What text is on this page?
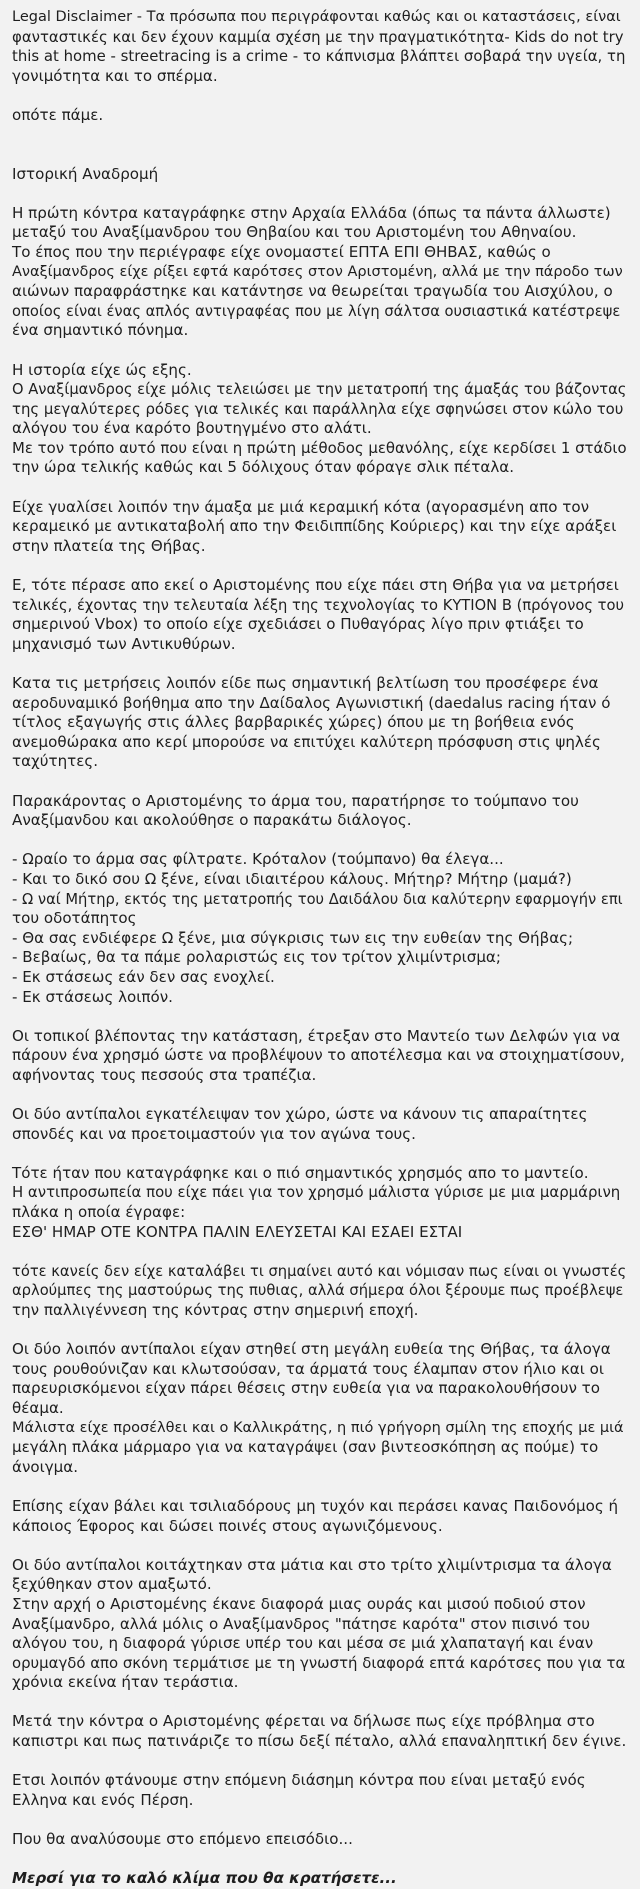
Legal Disclaimer - Τα πρόσωπα που περιγράφονται καθώς και οι καταστάσεις, είναι

φανταστικές και δεν έχουν καμμία σχέση με την πραγματικότητα- Kids do not try

this at home - streetracing is a crime - το κάπνισμα βλάπτει σοβαρά την υγεία, τη

γονιμότητα και το σπέρμα.

οπότε πάμε.

Ιστορική Αναδρομή

Η πρώτη κόντρα καταγράφηκε στην Αρχαία Ελλάδα (όπως τα πάντα άλλωστε)

μεταξύ του Αναξίμανδρου του Θηβαίου και του Αριστομένη του Αθηναίου.

Το έπος που την περιέγραφε είχε ονομαστεί ΕΠΤΑ ΕΠΙ ΘΗΒΑΣ, καθώς ο

Αναξίμανδρος είχε ρίξει εφτά καρότσες στον Αριστομένη, αλλά με την πάροδο των

αιώνων παραφράστηκε και κατάντησε να θεωρείται τραγωδία του Αισχύλου, ο

οποίος είναι ένας απλός αντιγραφέας που με λίγη σάλτσα ουσιαστικά κατέστρεψε

ένα σημαντικό πόνημα.

Η ιστορία είχε ώς εξης.

Ο Αναξίμανδρος είχε μόλις τελειώσει με την μετατροπή της άμαξάς του βάζοντας

της μεγαλύτερες ρόδες για τελικές και παράλληλα είχε σφηνώσει στον κώλο του

αλόγου του ένα καρότο βουτηγμένο στο αλάτι.

Με τον τρόπο αυτό που είναι η πρώτη μέθοδος μεθανόλης, είχε κερδίσει 1 στάδιο

την ώρα τελικής καθώς και 5 δόλιχους όταν φόραγε σλικ πέταλα.

Είχε γυαλίσει λοιπόν την άμαξα με μιά κεραμική κότα (αγορασμένη απο τον

κεραμεικό με αντικαταβολή απο την Φειδιππίδης Κούριερς) και την είχε αράξει

στην πλατεία της Θήβας.

Ε, τότε πέρασε απο εκεί ο Αριστομένης που είχε πάει στη Θήβα για να μετρήσει

τελικές, έχοντας την τελευταία λέξη της τεχνολογίας το ΚΥΤΙΟΝ Β (πρόγονος του

σημερινού Vbox) το οποίο είχε σχεδιάσει ο Πυθαγόρας λίγο πριν φτιάξει το

μηχανισμό των Αντικυθύρων.

Κατα τις μετρήσεις λοιπόν είδε πως σημαντική βελτίωση του προσέφερε ένα

αεροδυναμικό βοήθημα απο την Δαίδαλος Αγωνιστική (daedalus racing ήταν ό

τίτλος εξαγωγής στις άλλες βαρβαρικές χώρες) όπου με τη βοήθεια ενός

ανεμοθώρακα απο κερί μπορούσε να επιτύχει καλύτερη πρόσφυση στις ψηλές

ταχύτητες.

Παρακάροντας ο Αριστομένης το άρμα του, παρατήρησε το τούμπανο του

Αναξίμανδου και ακολούθησε ο παρακάτω διάλογος.

- Ωραίο το άρμα σας φίλτρατε. Κρόταλον (τούμπανο) θα έλεγα...

- Και το δικό σου Ω ξένε, είναι ιδιαιτέρου κάλους. Μήτηρ? Μήτηρ (μαμά?)

- Ω ναί Μήτηρ, εκτός της μετατροπής του Δαιδάλου δια καλύτερην εφαρμογήν επι

του οδοτάπητος

- Θα σας ενδιέφερε Ω ξένε, μια σύγκρισις των εις την ευθείαν της Θήβας;

- Βεβαίως, θα τα πάμε ρολαριστώς εις τον τρίτον χλιμίντρισμα;

- Εκ στάσεως εάν δεν σας ενοχλεί.

- Εκ στάσεως λοιπόν.

Οι τοπικοί βλέποντας την κατάσταση, έτρεξαν στο Μαντείο των Δελφών για να

πάρουν ένα χρησμό ώστε να προβλέψουν το αποτέλεσμα και να στοιχηματίσουν,

αφήνοντας τους πεσσούς στα τραπέζια.

Οι δύο αντίπαλοι εγκατέλειψαν τον χώρο, ώστε να κάνουν τις απαραίτητες

σπονδές και να προετοιμαστούν για τον αγώνα τους.

Τότε ήταν που καταγράφηκε και ο πιό σημαντικός χρησμός απο το μαντείο.

Η αντιπροσωπεία που είχε πάει για τον χρησμό μάλιστα γύρισε με μια μαρμάρινη

πλάκα η οποία έγραφε:

ΕΣΘ' ΗΜΑΡ ΟΤΕ ΚΟΝΤΡΑ ΠΑΛΙΝ ΕΛΕΥΣΕΤΑΙ ΚΑΙ ΕΣΑΕΙ ΕΣΤΑΙ

τότε κανείς δεν είχε καταλάβει τι σημαίνει αυτό και νόμισαν πως είναι οι γνωστές

αρλούμπες της μαστούρως της πυθιας, αλλά σήμερα όλοι ξέρουμε πως προέβλεψε

την παλλιγέννεση της κόντρας στην σημερινή εποχή.

Οι δύο λοιπόν αντίπαλοι είχαν στηθεί στη μεγάλη ευθεία της Θήβας, τα άλογα

τους ρουθούνιζαν και κλωτσούσαν, τα άρματά τους έλαμπαν στον ήλιο και οι

παρευρισκόμενοι είχαν πάρει θέσεις στην ευθεία για να παρακολουθήσουν το

θέαμα.

Μάλιστα είχε προσέλθει και ο Καλλικράτης, η πιό γρήγορη σμίλη της εποχής με μιά

μεγάλη πλάκα μάρμαρο για να καταγράψει (σαν βιντεοσκόπηση ας πούμε) το

άνοιγμα.

Επίσης είχαν βάλει και τσιλιαδόρους μη τυχόν και περάσει κανας Παιδονόμος ή

κάποιος Έφορος και δώσει ποινές στους αγωνιζόμενους.

Οι δύο αντίπαλοι κοιτάχτηκαν στα μάτια και στο τρίτο χλιμίντρισμα τα άλογα

ξεχύθηκαν στον αμαξωτό.

Στην αρχή ο Αριστομένης έκανε διαφορά μιας ουράς και μισού ποδιού στον

Αναξίμανδρο, αλλά μόλις ο Αναξίμανδρος "πάτησε καρότα" στον πισινό του

αλόγου του, η διαφορά γύρισε υπέρ του και μέσα σε μιά χλαπαταγή και έναν

ορυμαγδό απο σκόνη τερμάτισε με τη γνωστή διαφορά επτά καρότσες που για τα

χρόνια εκείνα ήταν τεράστια.

Μετά την κόντρα ο Αριστομένης φέρεται να δήλωσε πως είχε πρόβλημα στο

καπιστρι και πως πατινάριζε το πίσω δεξί πέταλο, αλλά επαναληπτική δεν έγινε.

Ετσι λοιπόν φτάνουμε στην επόμενη διάσημη κόντρα που είναι μεταξύ ενός

Ελληνα και ενός Πέρση.

Που θα αναλύσουμε στο επόμενο επεισόδιο...

Μερσί για το καλό κλίμα που θα κρατήσετε...
